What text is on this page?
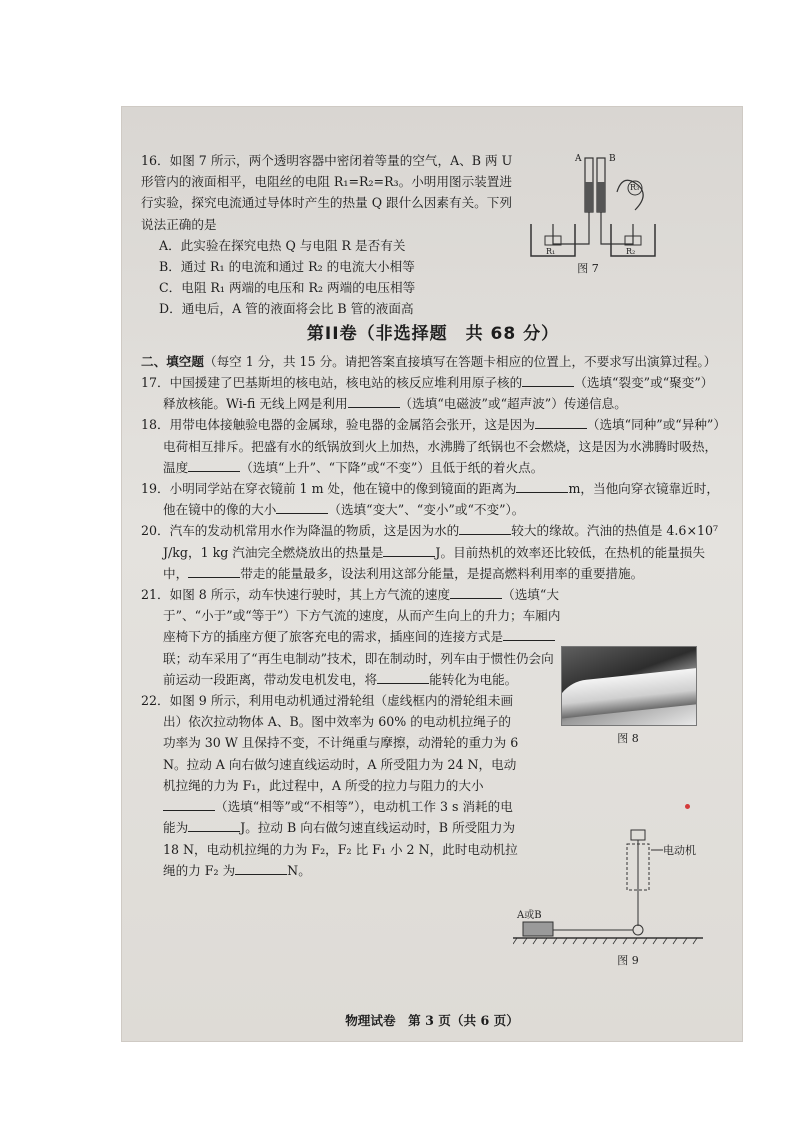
16．如图 7 所示，两个透明容器中密闭着等量的空气，A、B 两 U 形管内的液面相平，电阻丝的电阻 R₁=R₂=R₃。小明用图示装置进行实验，探究电流通过导体时产生的热量 Q 跟什么因素有关。下列说法正确的是

A．此实验在探究电热 Q 与电阻 R 是否有关

B．通过 R₁ 的电流和通过 R₂ 的电流大小相等

C．电阻 R₁ 两端的电压和 R₂ 两端的电压相等

D．通电后，A 管的液面将会比 B 管的液面高

第II卷（非选择题　共 68 分）

二、填空题（每空 1 分，共 15 分。请把答案直接填写在答题卡相应的位置上，不要求写出演算过程。）

17．中国援建了巴基斯坦的核电站，核电站的核反应堆利用原子核的	（选填“裂变”或“聚变”）释放核能。Wi-fi 无线上网是利用	（选填“电磁波”或“超声波”）传递信息。

18．用带电体接触验电器的金属球，验电器的金属箔会张开，这是因为	（选填“同种”或“异种”）电荷相互排斥。把盛有水的纸锅放到火上加热，水沸腾了纸锅也不会燃烧，这是因为水沸腾时吸热，温度	（选填“上升”、“下降”或“不变”）且低于纸的着火点。

19．小明同学站在穿衣镜前 1 m 处，他在镜中的像到镜面的距离为	m，当他向穿衣镜靠近时，他在镜中的像的大小	（选填“变大”、“变小”或“不变”）。

20．汽车的发动机常用水作为降温的物质，这是因为水的	较大的缘故。汽油的热值是 4.6×10⁷ J/kg，1 kg 汽油完全燃烧放出的热量是	J。目前热机的效率还比较低，在热机的能量损失中，	带走的能量最多，设法利用这部分能量，是提高燃料利用率的重要措施。

21．如图 8 所示，动车快速行驶时，其上方气流的速度	（选填“大于”、“小于”或“等于”）下方气流的速度，从而产生向上的升力；车厢内座椅下方的插座方便了旅客充电的需求，插座间的连接方式是联；动车采用了“再生电制动”技术，即在制动时，列车由于惯性仍会向前运动一段距离，带动发电机发电，将	能转化为电能。

22．如图 9 所示，利用电动机通过滑轮组（虚线框内的滑轮组未画出）依次拉动物体 A、B。图中效率为 60% 的电动机拉绳子的功率为 30 W 且保持不变，不计绳重与摩擦，动滑轮的重力为 6 N。拉动 A 向右做匀速直线运动时，A 所受阻力为 24 N，电动机拉绳的力为 F₁，此过程中，A 所受的拉力与阻力的大小（选填“相等”或“不相等”），电动机工作 3 s 消耗的电能为	J。拉动 B 向右做匀速直线运动时，B 所受阻力为 18 N，电动机拉绳的力为 F₂，F₂ 比 F₁ 小 2 N，此时电动机拉绳的力 F₂ 为	N。

A	B
R₁	R₂
R₃
图 7
图 8
电动机
A或B
图 9
物理试卷　第 3 页（共 6 页）
